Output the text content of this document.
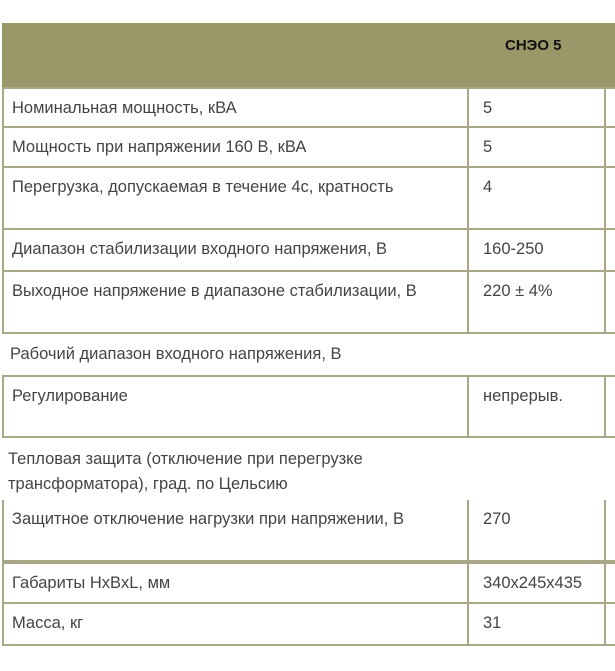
СНЭО 5
Номинальная мощность, кВА	5
Мощность при напряжении 160 В, кВА	5
Перегрузка, допускаемая в течение 4с, кратность	4
Диапазон стабилизации входного напряжения, В	160-250
Выходное напряжение в диапазоне стабилизации, В	220 ± 4%
Рабочий диапазон входного напряжения, В
Регулирование	непрерыв.
Тепловая защита (отключение при перегрузке трансформатора), град. по Цельсию
Защитное отключение нагрузки при напряжении, В	270
Габариты HxBxL, мм	340x245x435
Масса, кг	31
